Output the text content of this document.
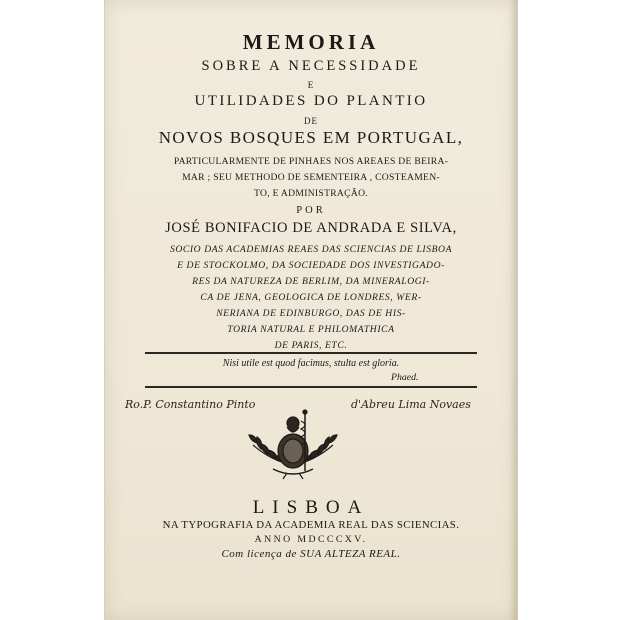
MEMORIA
SOBRE A NECESSIDADE
E
UTILIDADES DO PLANTIO
DE
NOVOS BOSQUES EM PORTUGAL,
PARTICULARMENTE DE PINHAES NOS AREAES DE BEIRA-
MAR ; SEU METHODO DE SEMENTEIRA , COSTEAMEN-
TO, E ADMINISTRAÇÃO.
POR
JOSÉ BONIFACIO DE ANDRADA E SILVA,
SOCIO DAS ACADEMIAS REAES DAS SCIENCIAS DE LISBOA
E DE STOCKOLMO, DA SOCIEDADE DOS INVESTIGADO-
RES DA NATUREZA DE BERLIM, DA MINERALOGI-
CA DE JENA, GEOLOGICA DE LONDRES, WER-
NERIANA DE EDINBURGO, DAS DE HIS-
TORIA NATURAL E PHILOMATHICA
DE PARIS, ETC.
Nisi utile est quod facimus, stulta est gloria.
Phaed.
Ro.P. Constantino Pinto	d'Abreu Lima Novaes
LISBOA
NA TYPOGRAFIA DA ACADEMIA REAL DAS SCIENCIAS.
ANNO MDCCCXV.
Com licença de SUA ALTEZA REAL.
